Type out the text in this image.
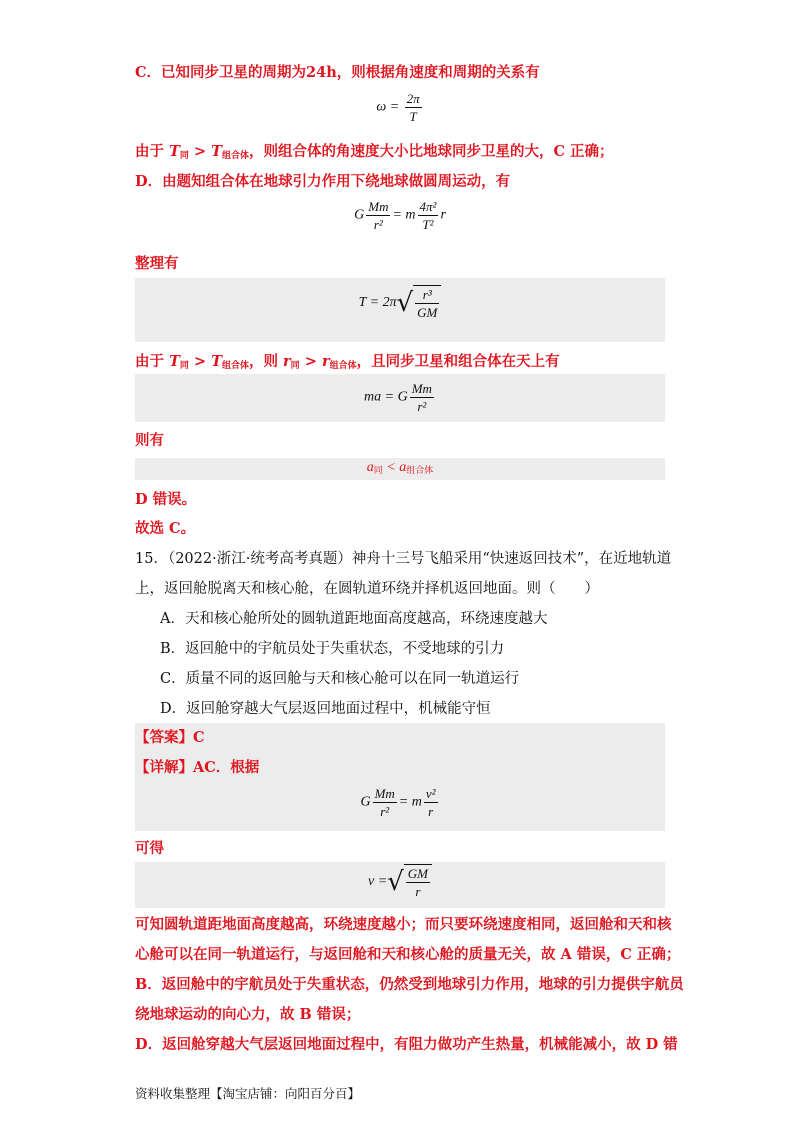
C．已知同步卫星的周期为24h，则根据角速度和周期的关系有
$\omega = \frac{2\pi}{T}$
由于 $T_同 > T_{组合体}$，则组合体的角速度大小比地球同步卫星的大，C 正确；
D．由题知组合体在地球引力作用下绕地球做圆周运动，有
G $\frac{Mm}{\text{r²}} = m \frac{\text{4π²}}{\text{T²}}$ r
整理有
$T = 2\pi√ \frac{\text{r³}}{GM}$
由于 $T_同 > T_{组合体}$，则 $r_同 > r_{组合体}$，且同步卫星和组合体在天上有
ma = G $\frac{Mm}{\text{r²}}$
则有
$a_同 < a_{组合体}$
D 错误。
故选 C。
15．（2022·浙江·统考高考真题）神舟十三号飞船采用“快速返回技术”，在近地轨道
上，返回舱脱离天和核心舱，在圆轨道环绕并择机返回地面。则（　　）
A．天和核心舱所处的圆轨道距地面高度越高，环绕速度越大
B．返回舱中的宇航员处于失重状态，不受地球的引力
C．质量不同的返回舱与天和核心舱可以在同一轨道运行
D．返回舱穿越大气层返回地面过程中，机械能守恒
【答案】C
【详解】AC．根据
G $\frac{Mm}{\text{r²}} = m \frac{\text{v²}}{r}$
可得
v =√ $\frac{GM}{r}$
可知圆轨道距地面高度越高，环绕速度越小；而只要环绕速度相同，返回舱和天和核
心舱可以在同一轨道运行，与返回舱和天和核心舱的质量无关，故 A 错误，C 正确；
B．返回舱中的宇航员处于失重状态，仍然受到地球引力作用，地球的引力提供宇航员
绕地球运动的向心力，故 B 错误；
D．返回舱穿越大气层返回地面过程中，有阻力做功产生热量，机械能减小，故 D 错
资料收集整理【淘宝店铺：向阳百分百】
